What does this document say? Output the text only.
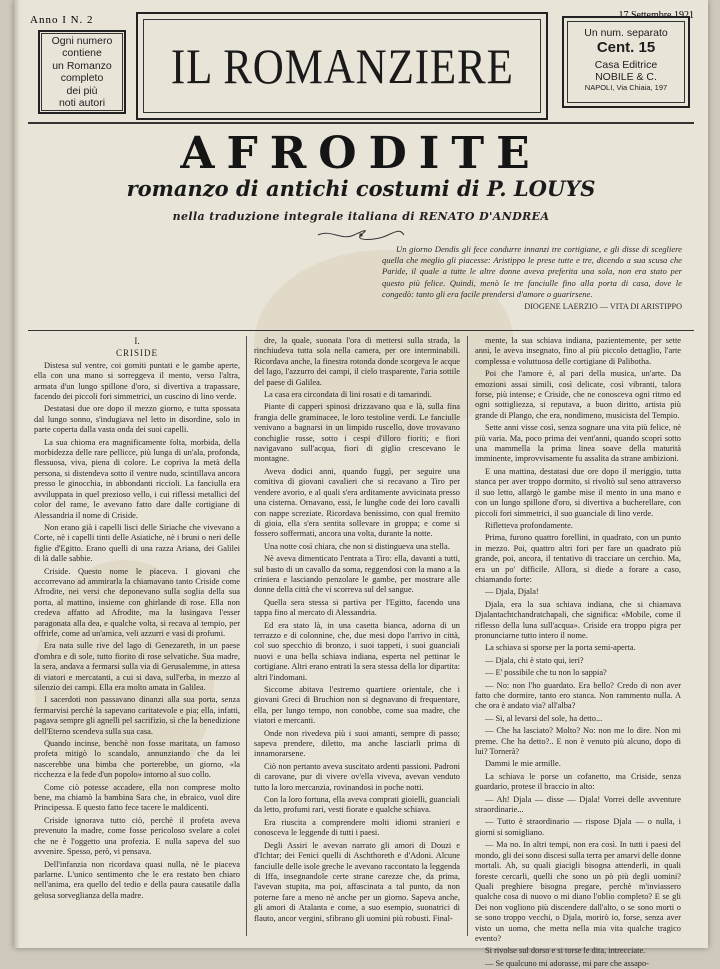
Anno I N. 2	17 Settembre 1921
Ogni numero
contiene
un Romanzo
completo
dei più
noti autori
IL ROMANZIERE
Un num. separato
Cent. 15
Casa Editrice
NOBILE & C.
NAPOLI, Via Chiaia, 197
AFRODITE
romanzo di antichi costumi di P. LOUYS
nella traduzione integrale italiana di RENATO D'ANDREA
Un giorno Dendis gli fece condurre innanzi tre cortigiane, e gli disse di scegliere quella che meglio gli piacesse: Aristippo le prese tutte e tre, dicendo a sua scusa che Paride, il quale a tutte le altre donne aveva preferita una sola, non era stato per questo più felice. Quindi, menò le tre fanciulle fino alla porta di casa, dove le congedò: tanto gli era facile prendersi d'amore o guarirsene.
DIOGENE LAERZIO — VITA DI ARISTIPPO

I.

CRISIDE

Distesa sul ventre, coi gomiti puntati e le gambe aperte, ella con una mano si sorreggeva il mento, verso l'altra, armata d'un lungo spillone d'oro, si divertiva a trapassare, facendo dei piccoli fori simmetrici, un cuscino di lino verde.

Destatasi due ore dopo il mezzo giorno, e tutta spossata dal lungo sonno, s'indugiava nel letto in disordine, solo in parte coperta dalla vasta onda dei suoi capelli.

La sua chioma era magnificamente folta, morbida, della morbidezza delle rare pellicce, più lunga di un'ala, profonda, flessuosa, viva, piena di colore. Le copriva la metà della persona, si distendeva sotto il ventre nudo, scintillava ancora presso le ginocchia, in abbondanti riccioli. La fanciulla era avviluppata in quel prezioso vello, i cui riflessi metallici del color del rame, le avevano fatto dare dalle cortigiane di Alessandria il nome di Criside.

Non erano già i capelli lisci delle Siriache che vivevano a Corte, nè i capelli tinti delle Asiatiche, nè i bruni o neri delle figlie d'Egitto. Erano quelli di una razza Ariana, dei Galilei di là dalle sabbie.

Criside. Questo nome le piaceva. I giovani che accorrevano ad ammirarla la chiamavano tanto Criside come Afrodite, nei versi che deponevano sulla soglia della sua porta, al mattino, insieme con ghirlande di rose. Ella non credeva affatto ad Afrodite, ma la lusingava l'esser paragonata alla dea, e qualche volta, si recava al tempio, per offrirle, come ad un'amica, veli azzurri e vasi di profumi.

Era nata sulle rive del lago di Genezareth, in un paese d'ombra e di sole, tutto fiorito di rose selvatiche. Sua madre, la sera, andava a fermarsi sulla via di Gerusalemme, in attesa di viatori e mercatanti, a cui si dava, sull'erba, in mezzo al silenzio dei campi. Ella era molto amata in Galilea.

I sacerdoti non passavano dinanzi alla sua porta, senza fermarvisi perchè la sapevano caritatevole e pia; ella, infatti, pagava sempre gli agnelli pel sacrifizio, sì che la benedizione dell'Eterno scendeva sulla sua casa.

Quando incinse, benchè non fosse maritata, un famoso profeta mitigò lo scandalo, annunziando che da lei nascerebbe una bimba che porterebbe, un giorno, «la ricchezza e la fede d'un popolo» intorno al suo collo.

Come ciò potesse accadere, ella non comprese molto bene, ma chiamò la bambina Sara che, in ebraico, vuol dire Principessa. E questo fatto fece tacere le maldicenti.

Criside ignorava tutto ciò, perchè il profeta aveva prevenuto la madre, come fosse pericoloso svelare a colei che ne è l'oggetto una profezia. E nulla sapeva del suo avvenire. Spesso, però, vi pensava.

Dell'infanzia non ricordava quasi nulla, nè le piaceva parlarne. L'unico sentimento che le era restato ben chiaro nell'anima, era quello del tedio e della paura causatile dalla gelosa sorveglianza della madre.

dre, la quale, suonata l'ora di mettersi sulla strada, la rinchiudeva tutta sola nella camera, per ore interminabili. Ricordava anche, la finestra rotonda donde scorgeva le acque del lago, l'azzurro dei campi, il cielo trasparente, l'aria sottile del paese di Galilea.

La casa era circondata di lini rosati e di tamarindi.

Piante di capperi spinosi drizzavano qua e là, sulla fina frangia delle graminacee, le loro testoline verdi. Le fanciulle venivano a bagnarsi in un limpido ruscello, dove trovavano conchiglie rosse, sotto i cespi d'illoro fioriti; e fiori navigavano sull'acqua, fiori di giglio crescevano le montagne.

Aveva dodici anni, quando fuggì, per seguire una comitiva di giovani cavalieri che si recavano a Tiro per vendere avorio, e al quali s'era arditamente avvicinata presso una cisterna. Ornavano, essi, le lunghe code dei loro cavalli con nappe screziate. Ricordava benissimo, con qual fremito di gioia, ella s'era sentita sollevare in groppa; e come si fossero soffermati, ancora una volta, durante la notte.

Una notte così chiara, che non si distingueva una stella.

Nè aveva dimenticato l'entrata a Tiro: ella, davanti a tutti, sul basto di un cavallo da soma, reggendosi con la mano a la criniera e lasciando penzolare le gambe, per mostrare alle donne della città che vi scorreva sul del sangue.

Quella sera stessa si partiva per l'Egitto, facendo una tappa fino al mercato di Alessandria.

Ed era stato là, in una casetta bianca, adorna di un terrazzo e di colonnine, che, due mesi dopo l'arrivo in città, col suo specchio di bronzo, i suoi tappeti, i suoi guanciali nuovi e una bella schiava indiana, esperta nel pettinar le cortigiane. Altri erano entrati la sera stessa della lor dipartita: altri l'indomani.

Siccome abitava l'estremo quartiere orientale, che i giovani Greci di Bruchion non si degnavano di frequentare, ella, per lungo tempo, non conobbe, come sua madre, che viatori e mercanti.

Onde non rivedeva più i suoi amanti, sempre di passo; sapeva prendere, diletto, ma anche lasciarli prima di innamorarsene.

Ciò non pertanto aveva suscitato ardenti passioni. Padroni di carovane, pur di vivere ov'ella viveva, avevan venduto tutto la loro mercanzia, rovinandosi in poche notti.

Con la loro fortuna, ella aveva comprati gioielli, guanciali da letto, profumi rari, vesti fiorate e qualche schiava.

Era riuscita a comprendere molti idiomi stranieri e conosceva le leggende di tutti i paesi.

Degli Assiri le avevan narrato gli amori di Douzi e d'Ichtar; dei Fenici quelli di Aschthoreth e d'Adoni. Alcune fanciulle delle isole greche le avevano raccontato la leggenda di Iffa, insegnandole certe strane carezze che, da prima, l'avevan stupita, ma poi, affascinata a tal punto, da non poterne fare a meno nè anche per un giorno. Sapeva anche, gli amori di Atalanta e come, a suo esempio, suonatrici di flauto, ancor vergini, sfibrano gli uomini più robusti. Final-

mente, la sua schiava indiana, pazientemente, per sette anni, le aveva insegnato, fino al più piccolo dettaglio, l'arte complessa e voluttuosa delle cortigiane di Palibotha.

Poi che l'amore è, al pari della musica, un'arte. Da emozioni assai simili, così delicate, così vibranti, talora forse, più intense; e Criside, che ne conosceva ogni ritmo ed ogni sottigliezza, si reputava, a buon diritto, artista più grande di Plango, che era, nondimeno, musicista del Tempio.

Sette anni visse così, senza sognare una vita più felice, nè più varia. Ma, poco prima dei vent'anni, quando scoprì sotto una mammella la prima linea soave della maturità imminente, improvvisamente fu assalita da strane ambizioni.

E una mattina, destatasi due ore dopo il meriggio, tutta stanca per aver troppo dormito, si rivoltò sul seno attraverso il suo letto, allargò le gambe mise il mento in una mano e con un lungo spillone d'oro, si divertiva a bucherellare, con piccoli fori simmetrici, il suo guanciale di lino verde.

Rifletteva profondamente.

Prima, furono quattro forellini, in quadrato, con un punto in mezzo. Poi, quattro altri fori per fare un quadrato più grande, poi, ancora, il tentativo di tracciare un cerchio. Ma, era un po' difficile. Allora, si diede a forare a caso, chiamando forte:

— Djala, Djala!

Djala, era la sua schiava indiana, che si chiamava Djalantachtchandratchapali, che significa: «Mobile, come il riflesso della luna sull'acqua». Criside era troppo pigra per pronunciarne tutto intero il nome.

La schiava si sporse per la porta semi-aperta.

— Djala, chi è stato qui, ieri?

— E' possibile che tu non lo sappia?

— No: non l'ho guardato. Era bello? Credo di non aver fatto che dormire, tanto ero stanca. Non rammento nulla. A che ora è andato via? all'alba?

— Si, al levarsi del sole, ha detto...

— Che ha lasciato? Molto? No: non me lo dire. Non mi preme. Che ha detto?.. E non è venuto più alcuno, dopo di lui? Tornerà?

Dammi le mie armille.

La schiava le porse un cofanetto, ma Criside, senza guardario, protese il braccio in alto:

— Ah! Djala — disse — Djala! Vorrei delle avventure straordinarie...

— Tutto è straordinario — rispose Djala — o nulla, i giorni si somigliano.

— Ma no. In altri tempi, non era così. In tutti i paesi del mondo, gli dei sono discesi sulla terra per amarvi delle donne mortali. Ah, su quali giacigli bisogna attenderli, in quali foreste cercarli, quelli che sono un pò più degli uomini? Quali preghiere bisogna pregare, perchè m'inviassero qualche cosa di nuovo o mi diano l'oblio completo? E se gli Dei non vogliono più discendere dall'alto, o se sono morti o se sono troppo vecchi, o Djala, morirò io, forse, senza aver visto un uomo, che metta nella mia vita qualche tragico evento?

Si rivolse sul dorso e si torse le dita, intrecciate.

— Se qualcuno mi adorasse, mi pare che assapo-
